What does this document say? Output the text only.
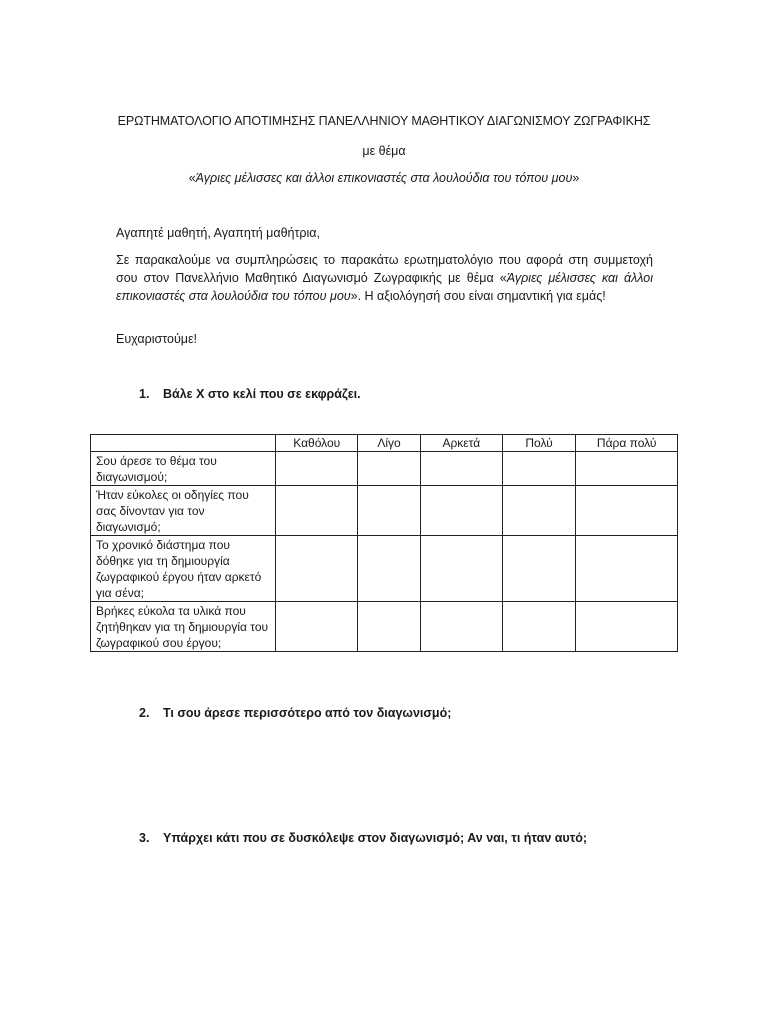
ΕΡΩΤΗΜΑΤΟΛΟΓΙΟ ΑΠΟΤΙΜΗΣΗΣ ΠΑΝΕΛΛΗΝΙΟΥ ΜΑΘΗΤΙΚΟΥ ΔΙΑΓΩΝΙΣΜΟΥ ΖΩΓΡΑΦΙΚΗΣ
με θέμα
«Άγριες μέλισσες και άλλοι επικονιαστές στα λουλούδια του τόπου μου»
Αγαπητέ μαθητή, Αγαπητή μαθήτρια,
Σε παρακαλούμε να συμπληρώσεις το παρακάτω ερωτηματολόγιο που αφορά στη συμμετοχή σου στον Πανελλήνιο Μαθητικό Διαγωνισμό Ζωγραφικής με θέμα «Άγριες μέλισσες και άλλοι επικονιαστές στα λουλούδια του τόπου μου». Η αξιολόγησή σου είναι σημαντική για εμάς!
Ευχαριστούμε!
1. Βάλε Χ στο κελί που σε εκφράζει.
	Καθόλου	Λίγο	Αρκετά	Πολύ	Πάρα πολύ
Σου άρεσε το θέμα του διαγωνισμού;					
Ήταν εύκολες οι οδηγίες που σας δίνονταν για τον διαγωνισμό;					
Το χρονικό διάστημα που δόθηκε για τη δημιουργία ζωγραφικού έργου ήταν αρκετό για σένα;					
Βρήκες εύκολα τα υλικά που ζητήθηκαν για τη δημιουργία του ζωγραφικού σου έργου;					
2. Τι σου άρεσε περισσότερο από τον διαγωνισμό;
3. Υπάρχει κάτι που σε δυσκόλεψε στον διαγωνισμό; Αν ναι, τι ήταν αυτό;
